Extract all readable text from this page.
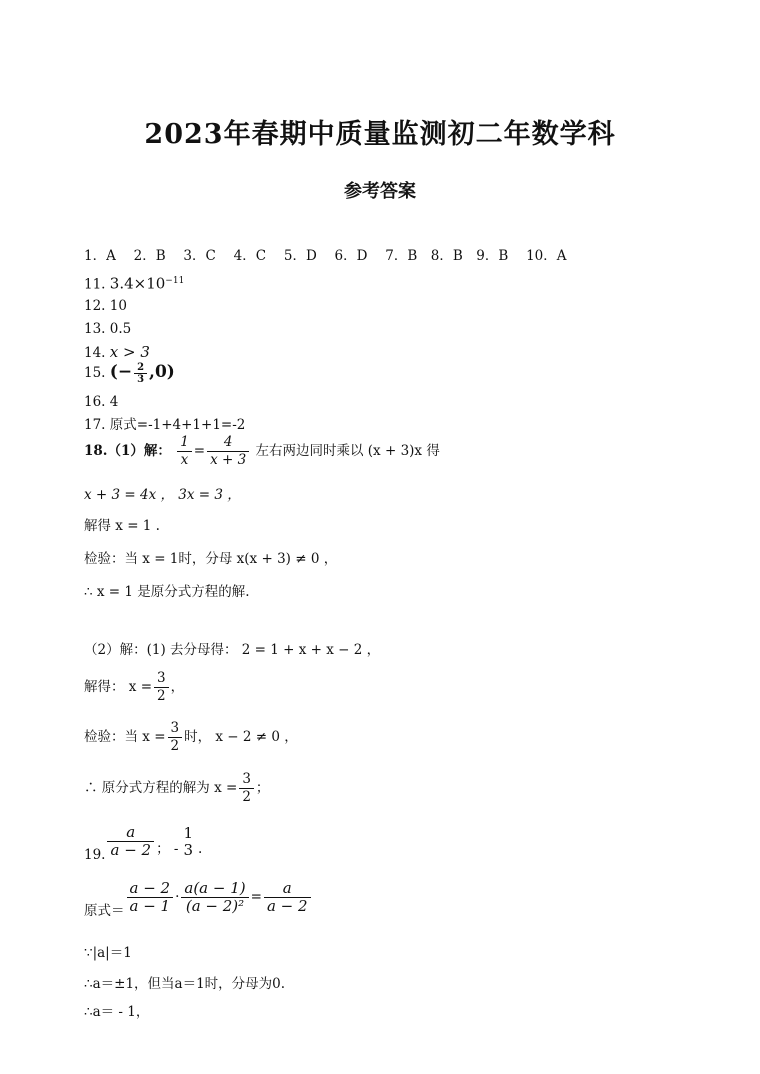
2023年春期中质量监测初二年数学科
参考答案
1．A　 2．B　 3．C　 4．C　 5．D　 6．D　 7．B　8．B　9．B　 10．A
11. $3.4\times 10^{-11}$
12. 10
13. 0.5
14. x > 3
15. (− $\frac{2}{3} ,0$)
16. 4
17. 原式=-1+4+1+1=-2
18.（1）解： $\frac{1}{x} = \frac{4}{x + 3}$ 左右两边同时乘以 (x + 3)x 得
x + 3 = 4x ， 3x = 3 ，
解得 x = 1 .
检验：当 x = 1时，分母 x(x + 3) ≠ 0 ，
∴ x = 1 是原分式方程的解.
（2）解：(1) 去分母得： 2 = 1 + x + x − 2 ，
解得： $x = \frac{3}{2}$ ，
检验：当 $x = \frac{3}{2}$ 时， x − 2 ≠ 0 ，
∴ 原分式方程的解为 $x = \frac{3}{2}$ ；
19. $\frac{a}{a - 2}$ ； -
1
3 .
原式＝ $\frac{a - 2}{a - 1} \cdot \frac{a(a - 1)}{\text{(a − 2)²}} = \frac{a}{a - 2}$
∵|a|＝1
∴a＝±1，但当a＝1时，分母为0.
∴a＝ - 1，
